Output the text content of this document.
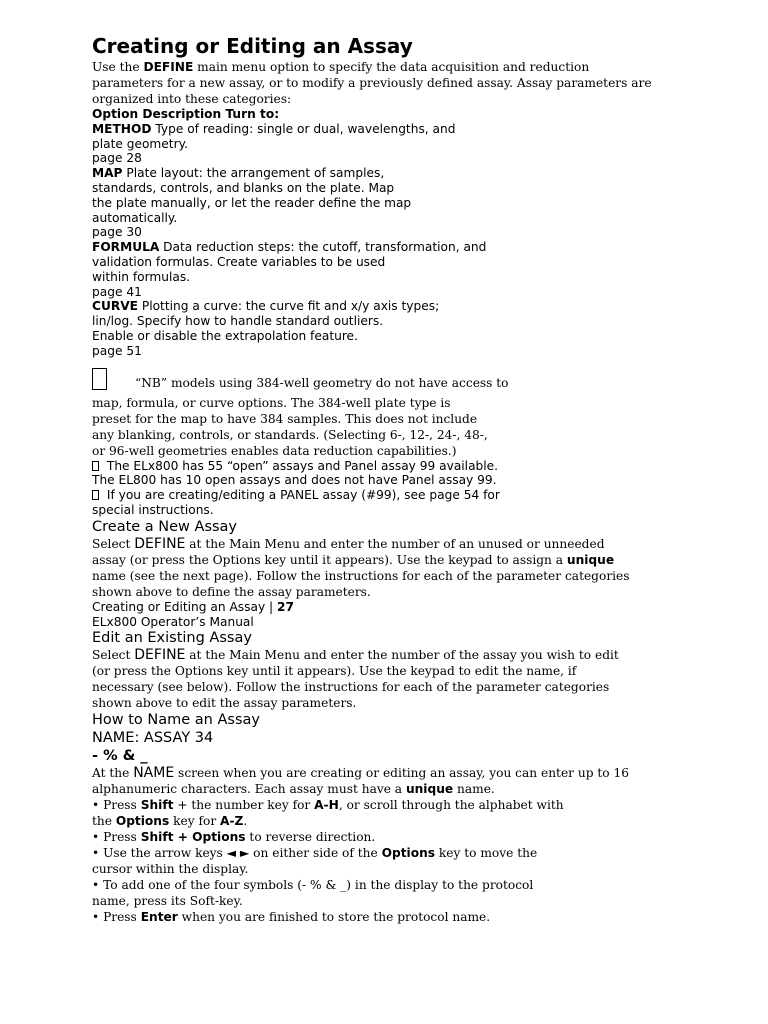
Creating or Editing an Assay
Use the DEFINE main menu option to specify the data acquisition and reduction
parameters for a new assay, or to modify a previously defined assay. Assay parameters are
organized into these categories:
Option Description Turn to:
METHOD Type of reading: single or dual, wavelengths, and
plate geometry.
page 28
MAP Plate layout: the arrangement of samples,
standards, controls, and blanks on the plate. Map
the plate manually, or let the reader define the map
automatically.
page 30
FORMULA Data reduction steps: the cutoff, transformation, and
validation formulas. Create variables to be used
within formulas.
page 41
CURVE Plotting a curve: the curve fit and x/y axis types;
lin/log. Specify how to handle standard outliers.
Enable or disable the extrapolation feature.
page 51
“NB” models using 384-well geometry do not have access to
map, formula, or curve options. The 384-well plate type is
preset for the map to have 384 samples. This does not include
any blanking, controls, or standards. (Selecting 6-, 12-, 24-, 48-,
or 96-well geometries enables data reduction capabilities.)
The ELx800 has 55 “open” assays and Panel assay 99 available.
The EL800 has 10 open assays and does not have Panel assay 99.
If you are creating/editing a PANEL assay (#99), see page 54 for
special instructions.
Create a New Assay
Select DEFINE at the Main Menu and enter the number of an unused or unneeded
assay (or press the Options key until it appears). Use the keypad to assign a unique
name (see the next page). Follow the instructions for each of the parameter categories
shown above to define the assay parameters.
Creating or Editing an Assay | 27
ELx800 Operator’s Manual
Edit an Existing Assay
Select DEFINE at the Main Menu and enter the number of the assay you wish to edit
(or press the Options key until it appears). Use the keypad to edit the name, if
necessary (see below). Follow the instructions for each of the parameter categories
shown above to edit the assay parameters.
How to Name an Assay
NAME: ASSAY 34
- % & _
At the NAME screen when you are creating or editing an assay, you can enter up to 16
alphanumeric characters. Each assay must have a unique name.
• Press Shift + the number key for A-H, or scroll through the alphabet with
the Options key for A-Z.
• Press Shift + Options to reverse direction.
• Use the arrow keys ◄ ► on either side of the Options key to move the
cursor within the display.
• To add one of the four symbols (- % & _) in the display to the protocol
name, press its Soft-key.
• Press Enter when you are finished to store the protocol name.
